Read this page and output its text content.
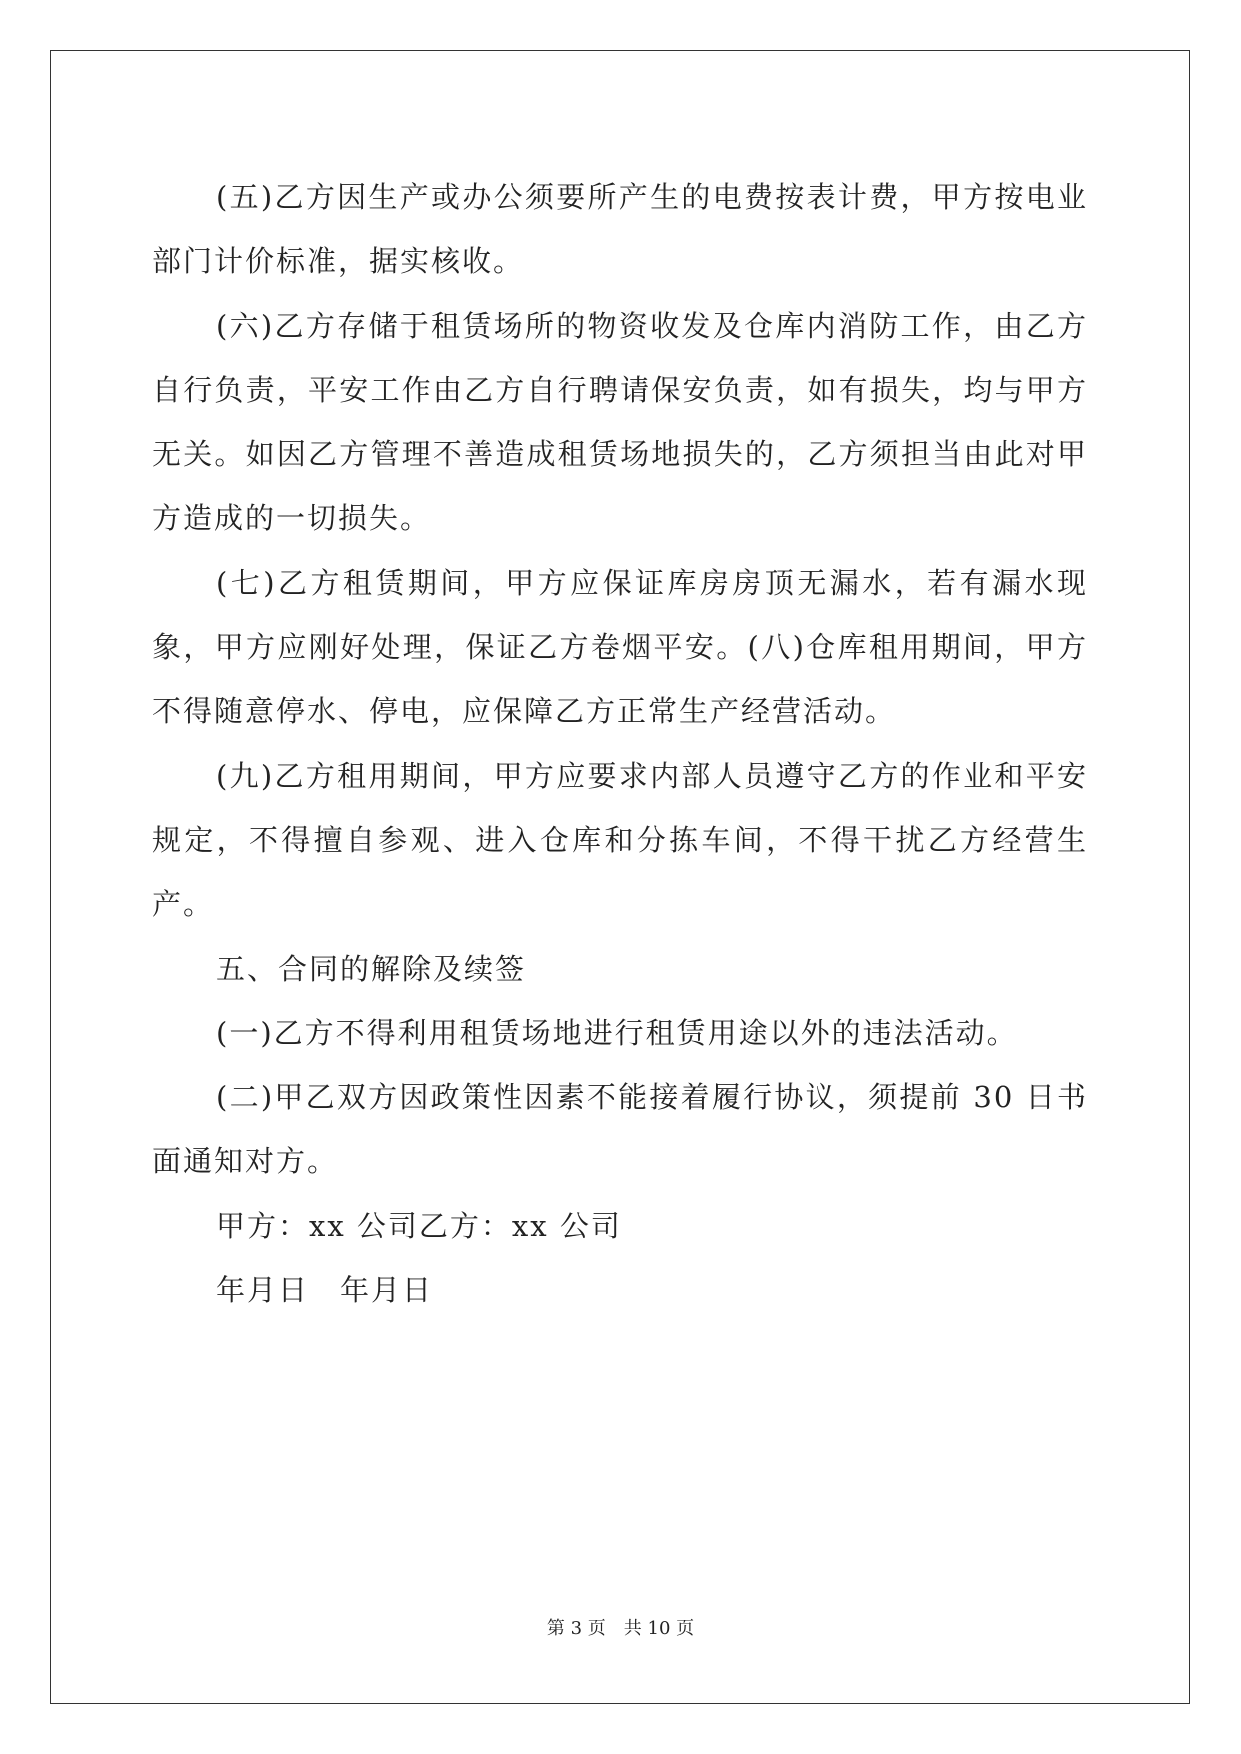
(五)乙方因生产或办公须要所产生的电费按表计费，甲方按电业部门计价标准，据实核收。

(六)乙方存储于租赁场所的物资收发及仓库内消防工作，由乙方自行负责，平安工作由乙方自行聘请保安负责，如有损失，均与甲方无关。如因乙方管理不善造成租赁场地损失的，乙方须担当由此对甲方造成的一切损失。

(七)乙方租赁期间，甲方应保证库房房顶无漏水，若有漏水现象，甲方应刚好处理，保证乙方卷烟平安。(八)仓库租用期间，甲方不得随意停水、停电，应保障乙方正常生产经营活动。

(九)乙方租用期间，甲方应要求内部人员遵守乙方的作业和平安规定，不得擅自参观、进入仓库和分拣车间，不得干扰乙方经营生产。

五、合同的解除及续签

(一)乙方不得利用租赁场地进行租赁用途以外的违法活动。

(二)甲乙双方因政策性因素不能接着履行协议，须提前 30 日书面通知对方。

甲方：xx 公司乙方：xx 公司

年月日　年月日

第 3 页　共 10 页
